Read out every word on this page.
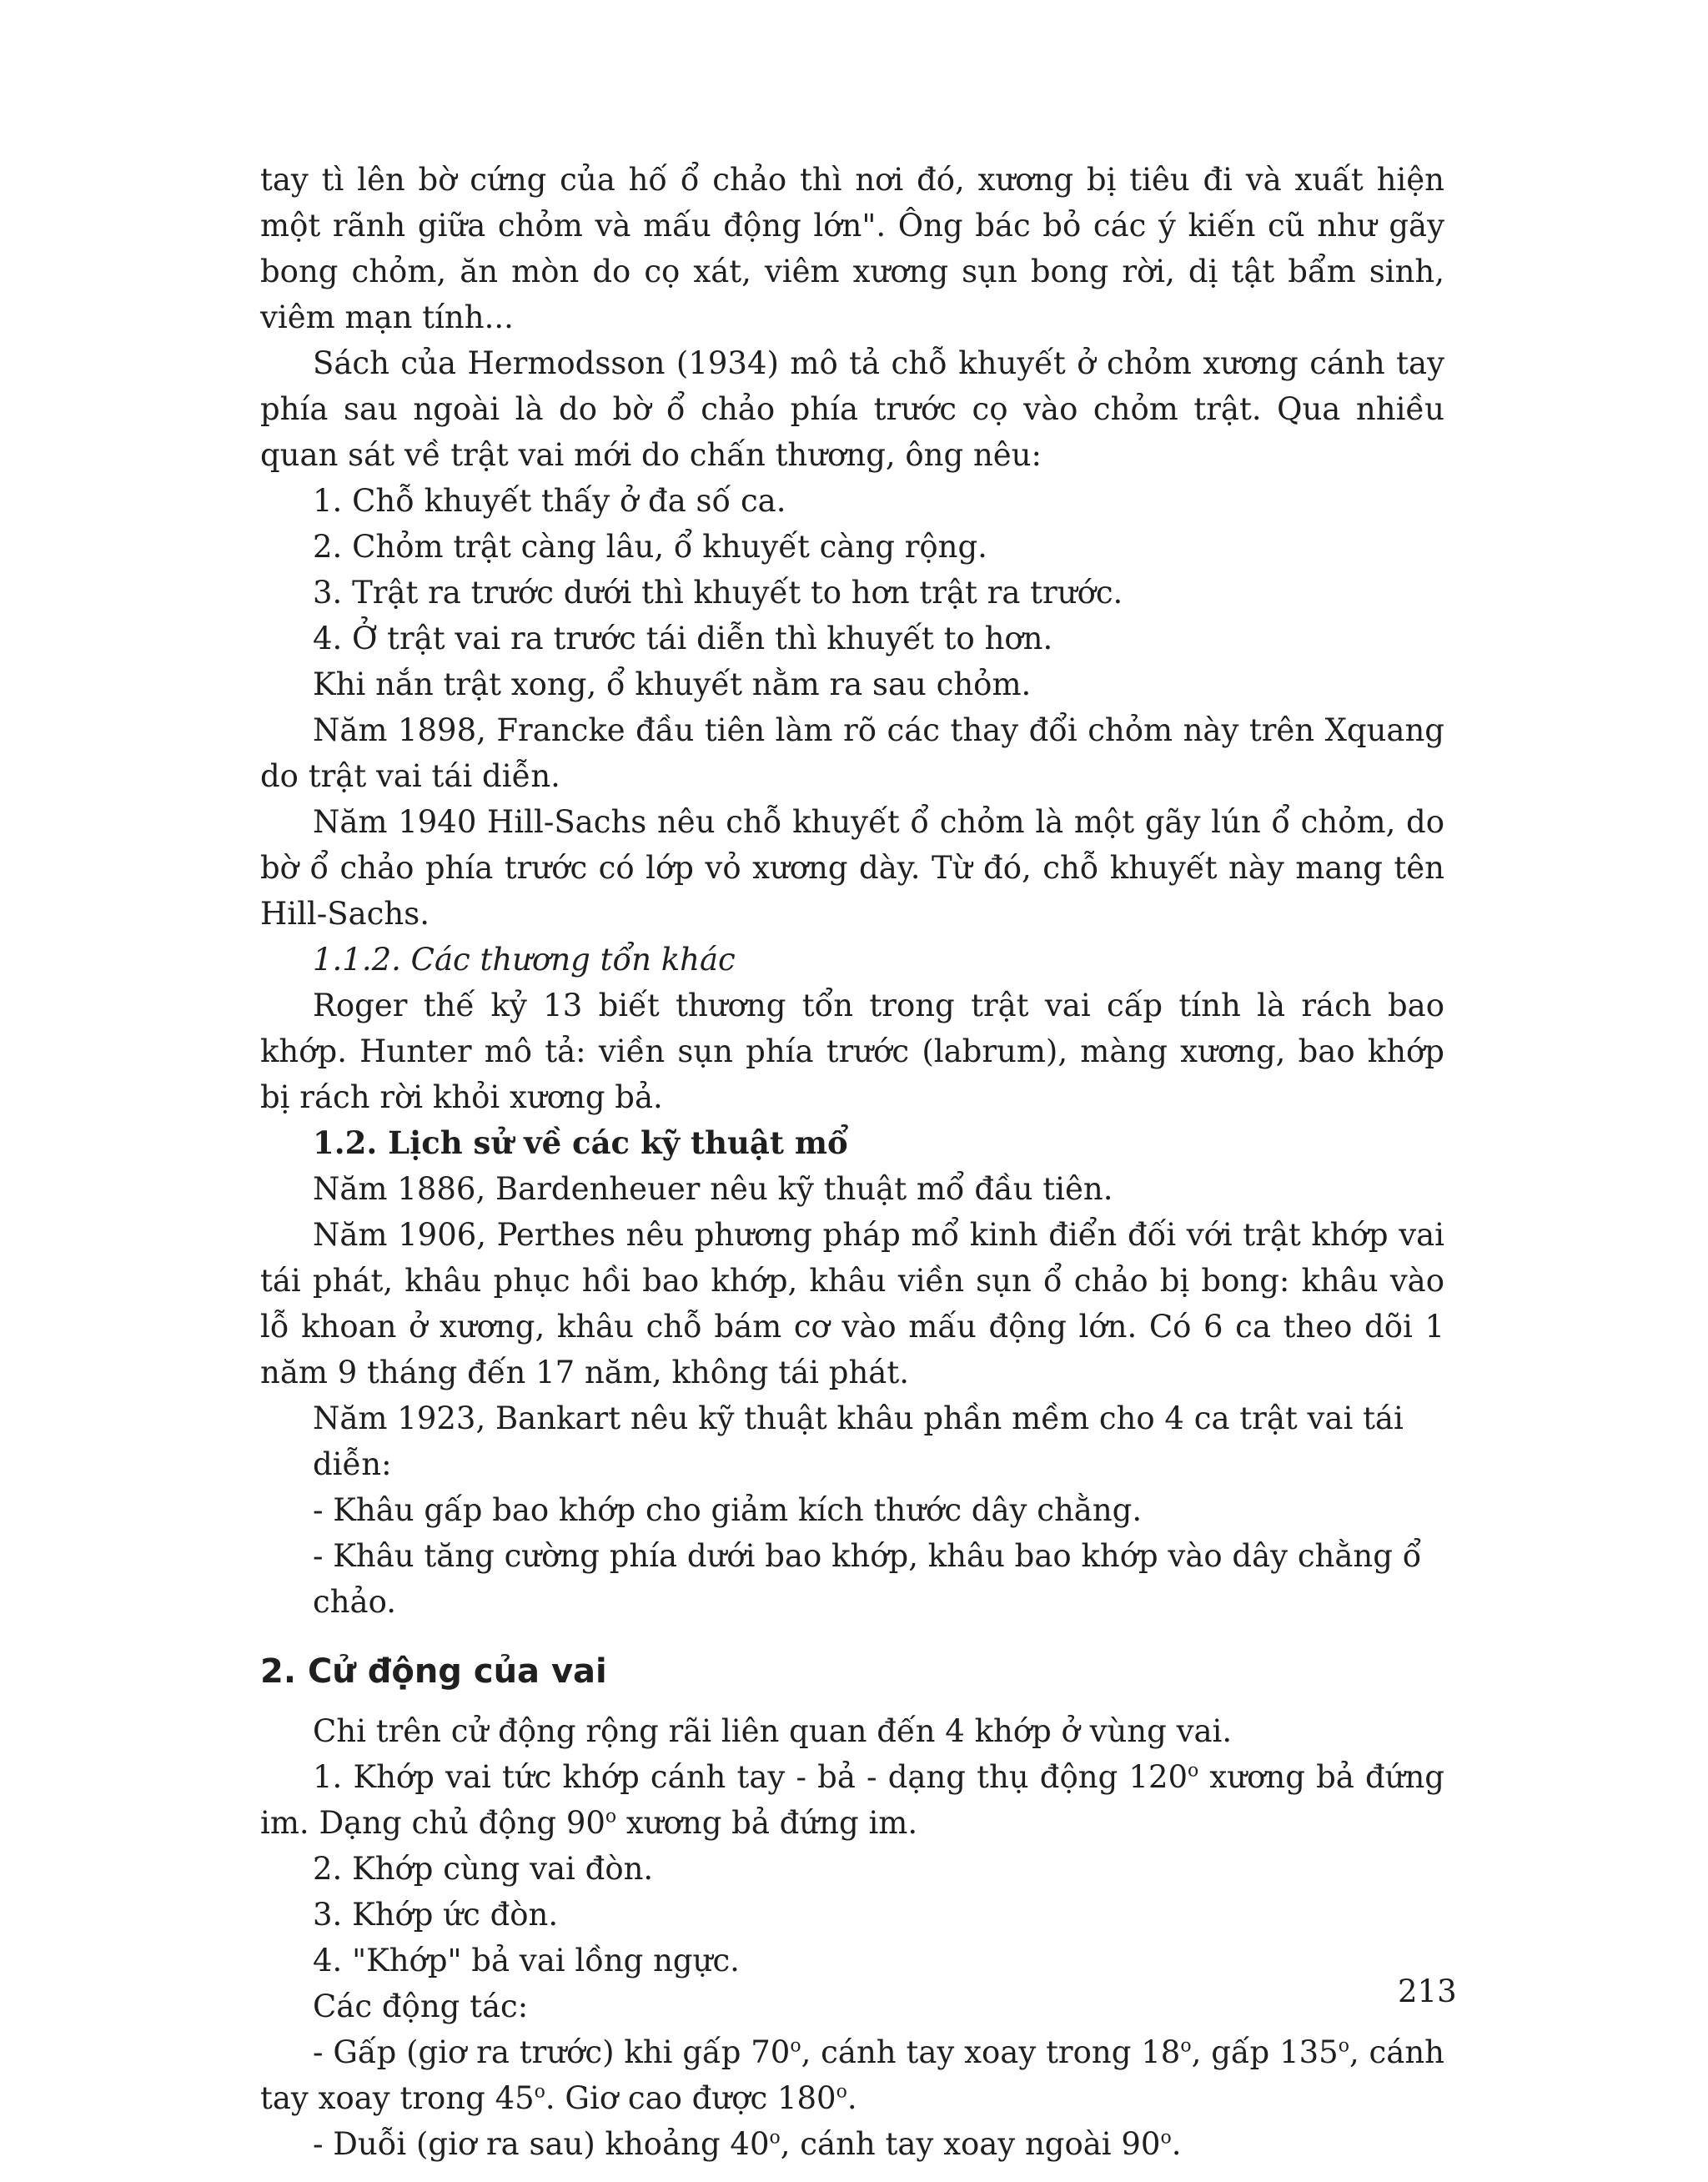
tay tì lên bờ cứng của hố ổ chảo thì nơi đó, xương bị tiêu đi và xuất hiện một rãnh giữa chỏm và mấu động lớn". Ông bác bỏ các ý kiến cũ như gãy bong chỏm, ăn mòn do cọ xát, viêm xương sụn bong rời, dị tật bẩm sinh, viêm mạn tính...
Sách của Hermodsson (1934) mô tả chỗ khuyết ở chỏm xương cánh tay phía sau ngoài là do bờ ổ chảo phía trước cọ vào chỏm trật. Qua nhiều quan sát về trật vai mới do chấn thương, ông nêu:
1. Chỗ khuyết thấy ở đa số ca.
2. Chỏm trật càng lâu, ổ khuyết càng rộng.
3. Trật ra trước dưới thì khuyết to hơn trật ra trước.
4. Ở trật vai ra trước tái diễn thì khuyết to hơn.
Khi nắn trật xong, ổ khuyết nằm ra sau chỏm.
Năm 1898, Francke đầu tiên làm rõ các thay đổi chỏm này trên Xquang do trật vai tái diễn.
Năm 1940 Hill-Sachs nêu chỗ khuyết ổ chỏm là một gãy lún ổ chỏm, do bờ ổ chảo phía trước có lớp vỏ xương dày. Từ đó, chỗ khuyết này mang tên Hill-Sachs.
1.1.2. Các thương tổn khác
Roger thế kỷ 13 biết thương tổn trong trật vai cấp tính là rách bao khớp. Hunter mô tả: viền sụn phía trước (labrum), màng xương, bao khớp bị rách rời khỏi xương bả.
1.2. Lịch sử về các kỹ thuật mổ
Năm 1886, Bardenheuer nêu kỹ thuật mổ đầu tiên.
Năm 1906, Perthes nêu phương pháp mổ kinh điển đối với trật khớp vai tái phát, khâu phục hồi bao khớp, khâu viền sụn ổ chảo bị bong: khâu vào lỗ khoan ở xương, khâu chỗ bám cơ vào mấu động lớn. Có 6 ca theo dõi 1 năm 9 tháng đến 17 năm, không tái phát.
Năm 1923, Bankart nêu kỹ thuật khâu phần mềm cho 4 ca trật vai tái diễn:
- Khâu gấp bao khớp cho giảm kích thước dây chằng.
- Khâu tăng cường phía dưới bao khớp, khâu bao khớp vào dây chằng ổ chảo.
2. Cử động của vai
Chi trên cử động rộng rãi liên quan đến 4 khớp ở vùng vai.
1. Khớp vai tức khớp cánh tay - bả - dạng thụ động 120$^o$ xương bả đứng im. Dạng chủ động 90$^o$ xương bả đứng im.
2. Khớp cùng vai đòn.
3. Khớp ức đòn.
4. "Khớp" bả vai lồng ngực.
Các động tác:
- Gấp (giơ ra trước) khi gấp 70$^o$, cánh tay xoay trong 18$^o$, gấp 135$^o$, cánh tay xoay trong 45$^o$. Giơ cao được 180$^o$.
- Duỗi (giơ ra sau) khoảng 40$^o$, cánh tay xoay ngoài 90$^o$.
213
